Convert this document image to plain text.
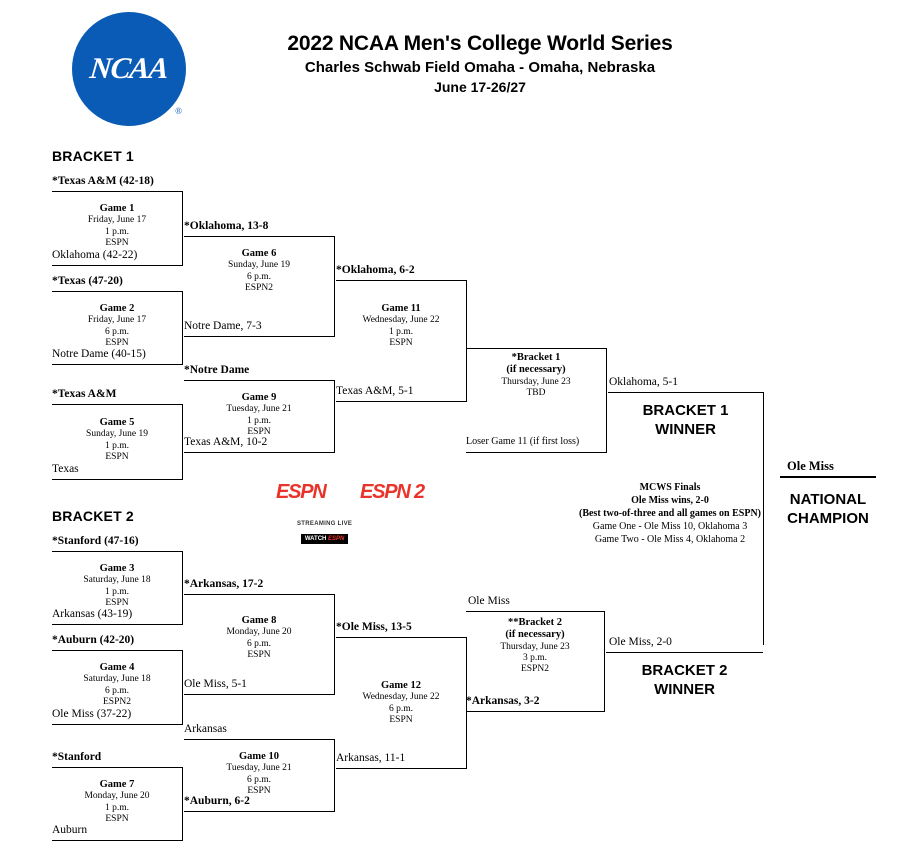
NCAA
®
2022 NCAA Men's College World Series
Charles Schwab Field Omaha - Omaha, Nebraska
June 17-26/27
BRACKET 1
*Texas A&M (42-18)
Game 1
Friday, June 17
1 p.m.
ESPN
Oklahoma (42-22)
*Texas (47-20)
Game 2
Friday, June 17
6 p.m.
ESPN
Notre Dame (40-15)
*Texas A&M
Game 5
Sunday, June 19
1 p.m.
ESPN
Texas
*Oklahoma, 13-8
Game 6
Sunday, June 19
6 p.m.
ESPN2
Notre Dame, 7-3
*Notre Dame
Game 9
Tuesday, June 21
1 p.m.
ESPN
Texas A&M, 10-2
*Oklahoma, 6-2
Game 11
Wednesday, June 22
1 p.m.
ESPN
Texas A&M, 5-1
*Bracket 1
(if necessary)
Thursday, June 23
TBD
Loser Game 11 (if first loss)
Oklahoma, 5-1
BRACKET 1
WINNER
Ole Miss
NATIONAL
CHAMPION
MCWS Finals
Ole Miss wins, 2-0
(Best two-of-three and all games on ESPN)
Game One - Ole Miss 10, Oklahoma 3
Game Two - Ole Miss 4, Oklahoma 2
ESPN ESPN 2
STREAMING LIVE
WATCH ESPN
BRACKET 2
*Stanford (47-16)
Game 3
Saturday, June 18
1 p.m.
ESPN
Arkansas (43-19)
*Auburn (42-20)
Game 4
Saturday, June 18
6 p.m.
ESPN2
Ole Miss (37-22)
*Stanford
Game 7
Monday, June 20
1 p.m.
ESPN
Auburn
*Arkansas, 17-2
Game 8
Monday, June 20
6 p.m.
ESPN
Ole Miss, 5-1
Arkansas
Game 10
Tuesday, June 21
6 p.m.
ESPN
*Auburn, 6-2
*Ole Miss, 13-5
Game 12
Wednesday, June 22
6 p.m.
ESPN
Arkansas, 11-1
Ole Miss
**Bracket 2
(if necessary)
Thursday, June 23
3 p.m.
ESPN2
*Arkansas, 3-2
Ole Miss, 2-0
BRACKET 2
WINNER
